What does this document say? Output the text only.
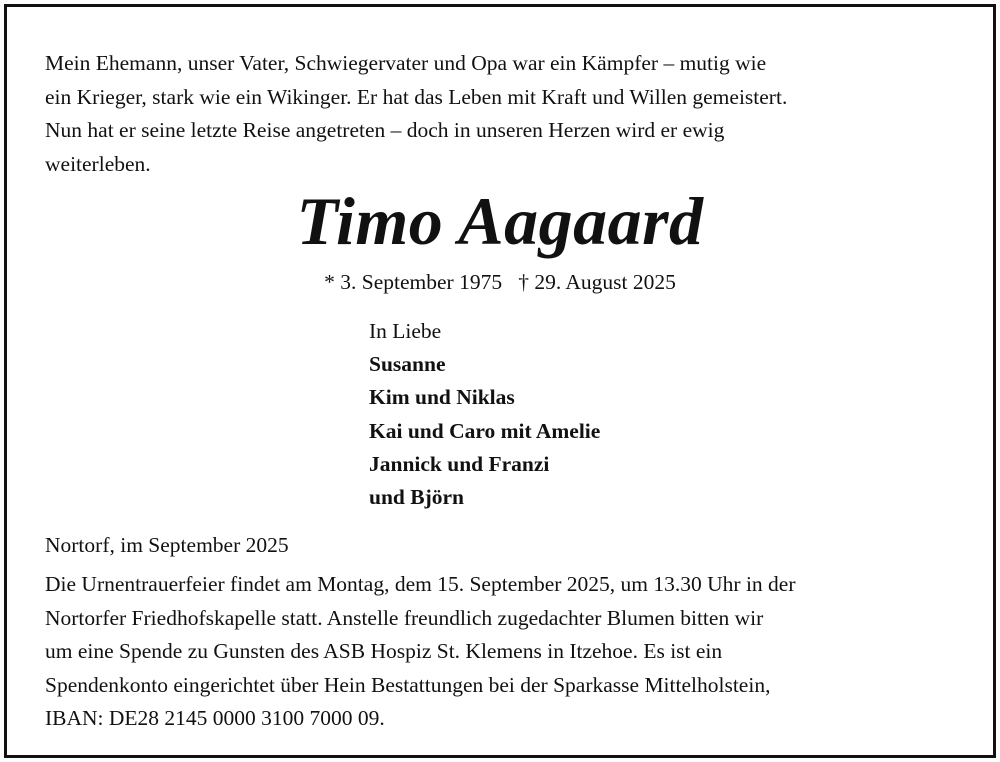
Mein Ehemann, unser Vater, Schwiegervater und Opa war ein Kämpfer – mutig wie
ein Krieger, stark wie ein Wikinger. Er hat das Leben mit Kraft und Willen gemeistert.
Nun hat er seine letzte Reise angetreten – doch in unseren Herzen wird er ewig
weiterleben.
Timo Aagaard
* 3. September 1975   † 29. August 2025
In Liebe
Susanne
Kim und Niklas
Kai und Caro mit Amelie
Jannick und Franzi
und Björn
Nortorf, im September 2025
Die Urnentrauerfeier findet am Montag, dem 15. September 2025, um 13.30 Uhr in der
Nortorfer Friedhofskapelle statt. Anstelle freundlich zugedachter Blumen bitten wir
um eine Spende zu Gunsten des ASB Hospiz St. Klemens in Itzehoe. Es ist ein
Spendenkonto eingerichtet über Hein Bestattungen bei der Sparkasse Mittelholstein,
IBAN: DE28 2145 0000 3100 7000 09.
